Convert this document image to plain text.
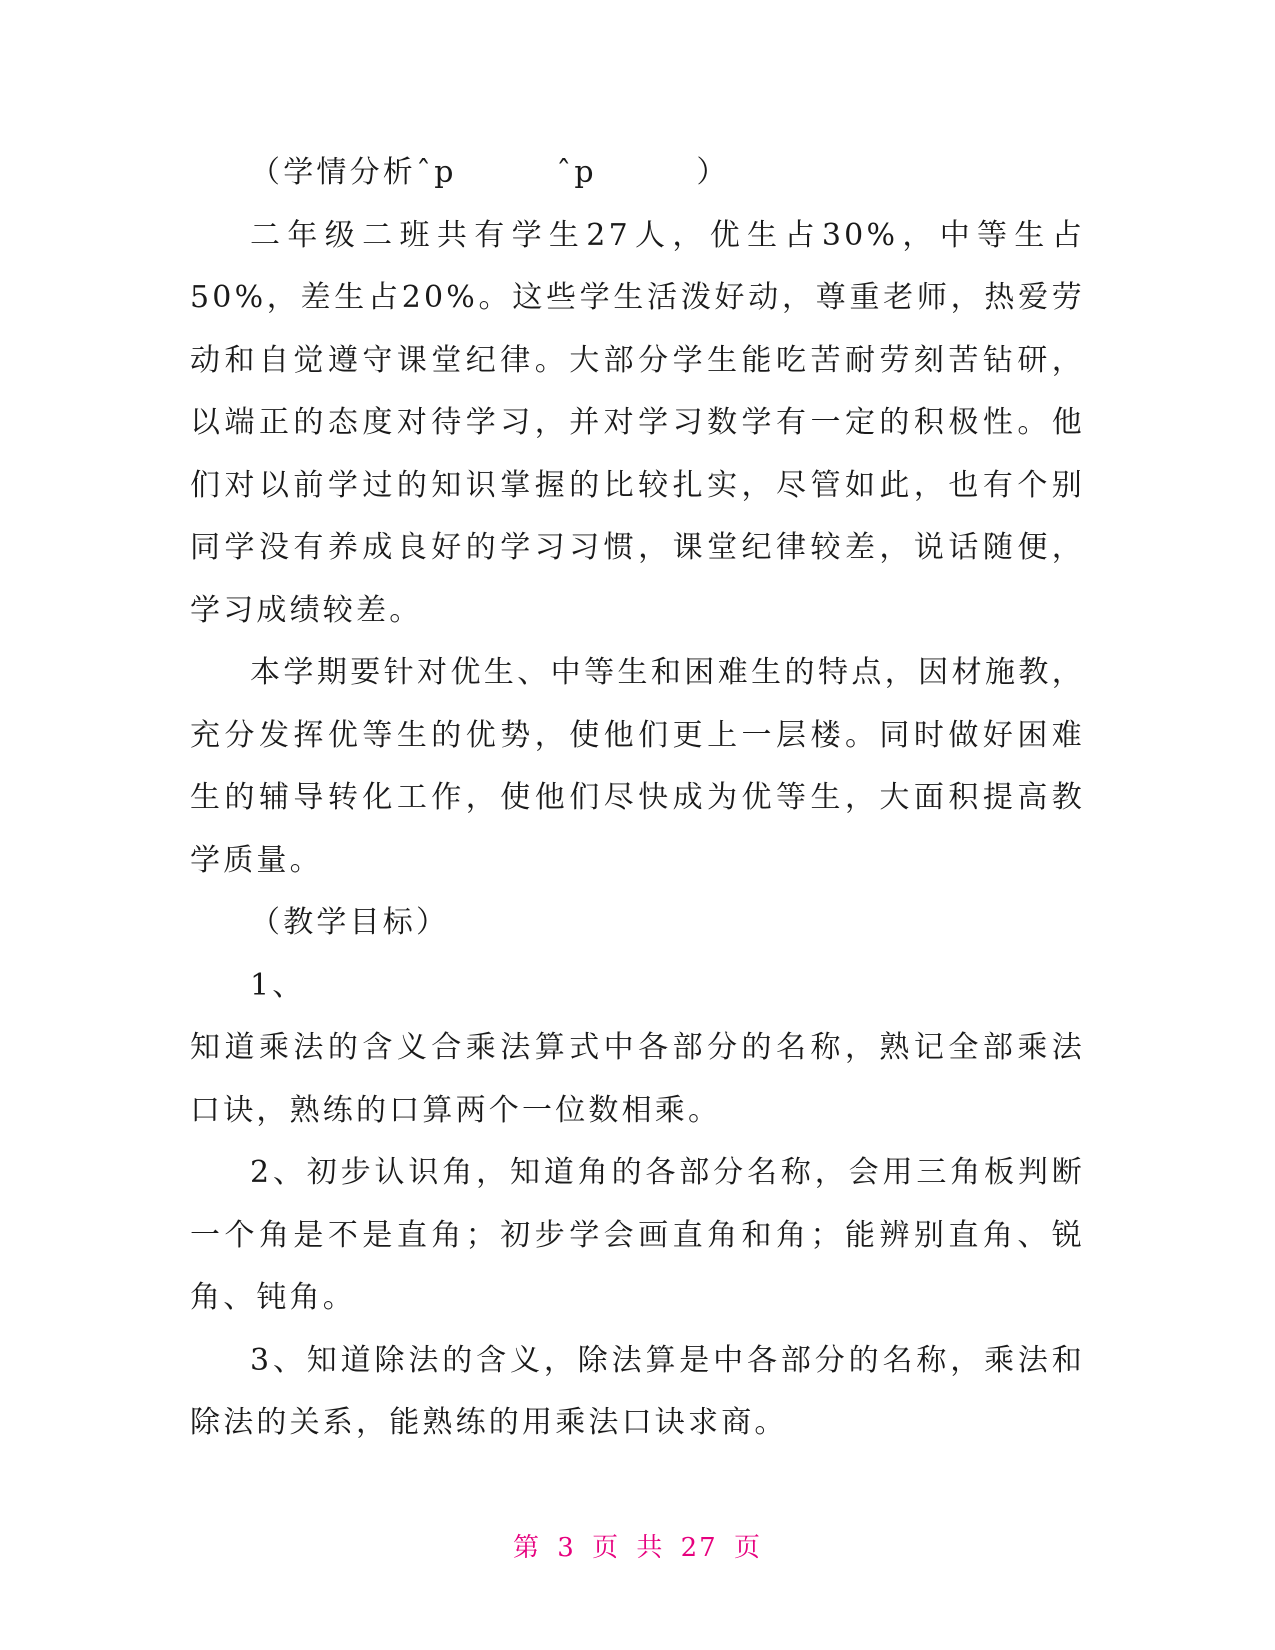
（学情分析ˆp　　　ˆp　　　）

二年级二班共有学生27人，优生占30%，中等生占50%，差生占20%。这些学生活泼好动，尊重老师，热爱劳动和自觉遵守课堂纪律。大部分学生能吃苦耐劳刻苦钻研，以端正的态度对待学习，并对学习数学有一定的积极性。他们对以前学过的知识掌握的比较扎实，尽管如此，也有个别同学没有养成良好的学习习惯，课堂纪律较差，说话随便，学习成绩较差。

本学期要针对优生、中等生和困难生的特点，因材施教，充分发挥优等生的优势，使他们更上一层楼。同时做好困难生的辅导转化工作，使他们尽快成为优等生，大面积提高教学质量。

（教学目标）

1、

知道乘法的含义合乘法算式中各部分的名称，熟记全部乘法口诀，熟练的口算两个一位数相乘。

2、初步认识角，知道角的各部分名称，会用三角板判断一个角是不是直角；初步学会画直角和角；能辨别直角、锐角、钝角。

3、知道除法的含义，除法算是中各部分的名称，乘法和除法的关系，能熟练的用乘法口诀求商。

第 3 页 共 27 页
